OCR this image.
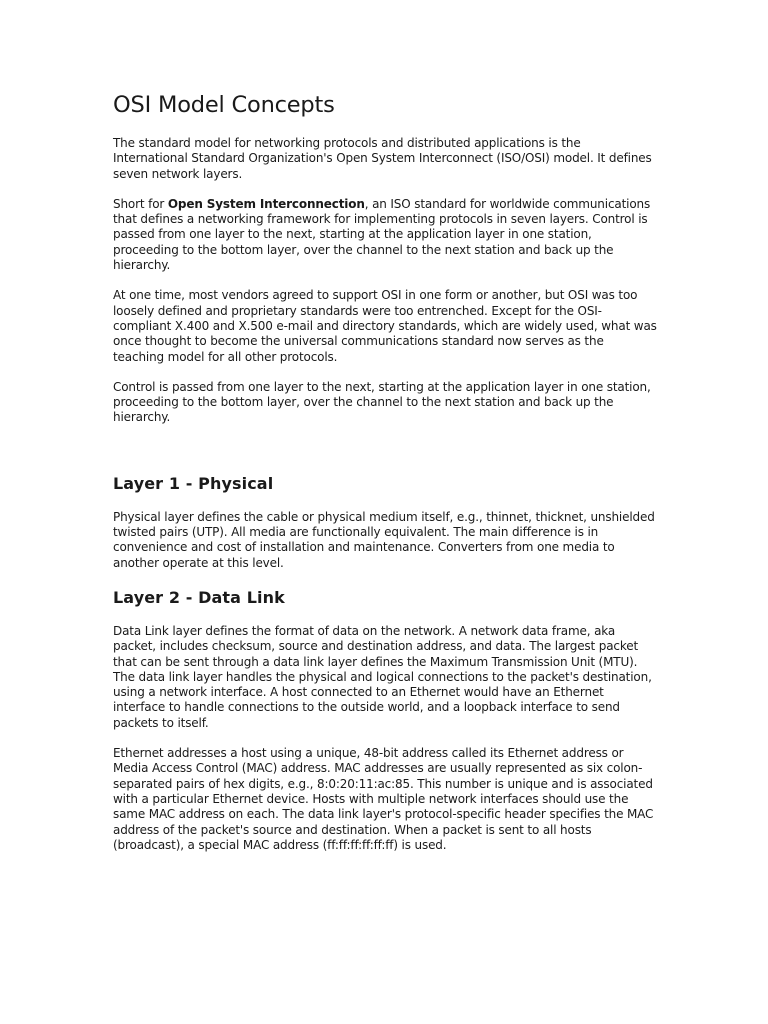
OSI Model Concepts

The standard model for networking protocols and distributed applications is the International Standard Organization's Open System Interconnect (ISO/OSI) model. It defines seven network layers.

Short for Open System Interconnection, an ISO standard for worldwide communications that defines a networking framework for implementing protocols in seven layers. Control is passed from one layer to the next, starting at the application layer in one station, proceeding to the bottom layer, over the channel to the next station and back up the hierarchy.

At one time, most vendors agreed to support OSI in one form or another, but OSI was too loosely defined and proprietary standards were too entrenched. Except for the OSI-compliant X.400 and X.500 e-mail and directory standards, which are widely used, what was once thought to become the universal communications standard now serves as the teaching model for all other protocols.

Control is passed from one layer to the next, starting at the application layer in one station, proceeding to the bottom layer, over the channel to the next station and back up the hierarchy.

Layer 1 - Physical

Physical layer defines the cable or physical medium itself, e.g., thinnet, thicknet, unshielded twisted pairs (UTP). All media are functionally equivalent. The main difference is in convenience and cost of installation and maintenance. Converters from one media to another operate at this level.

Layer 2 - Data Link

Data Link layer defines the format of data on the network. A network data frame, aka packet, includes checksum, source and destination address, and data. The largest packet that can be sent through a data link layer defines the Maximum Transmission Unit (MTU). The data link layer handles the physical and logical connections to the packet's destination, using a network interface. A host connected to an Ethernet would have an Ethernet interface to handle connections to the outside world, and a loopback interface to send packets to itself.

Ethernet addresses a host using a unique, 48-bit address called its Ethernet address or Media Access Control (MAC) address. MAC addresses are usually represented as six colon-separated pairs of hex digits, e.g., 8:0:20:11:ac:85. This number is unique and is associated with a particular Ethernet device. Hosts with multiple network interfaces should use the same MAC address on each. The data link layer's protocol-specific header specifies the MAC address of the packet's source and destination. When a packet is sent to all hosts (broadcast), a special MAC address (ff:ff:ff:ff:ff:ff) is used.
